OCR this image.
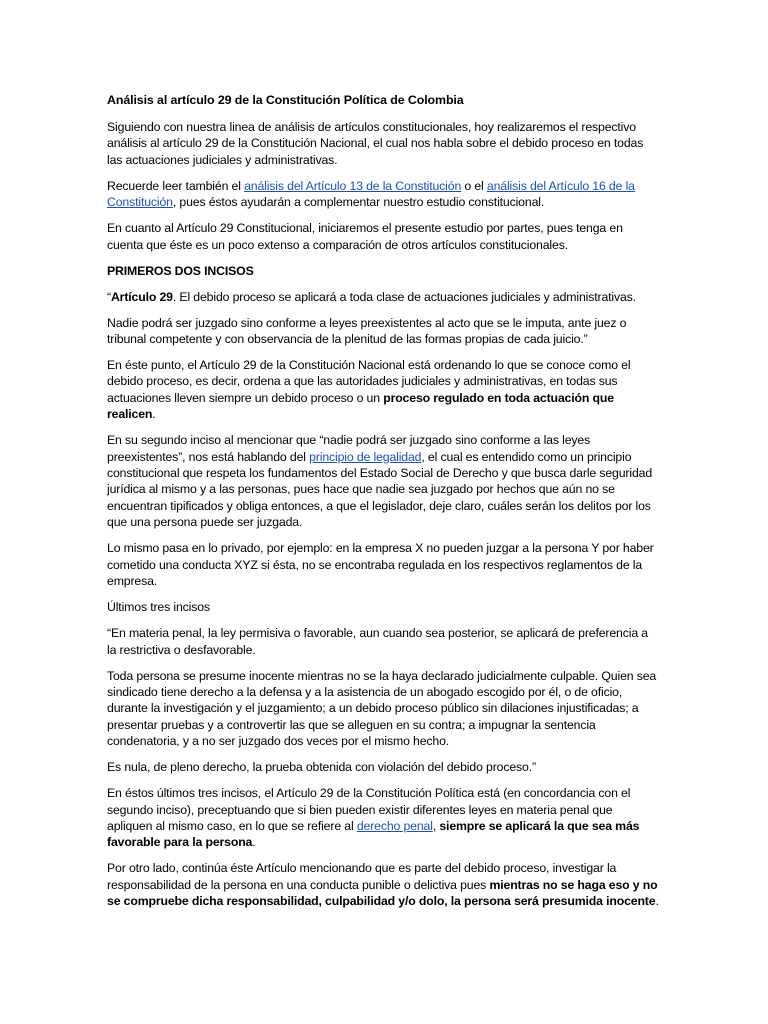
Análisis al artículo 29 de la Constitución Política de Colombia

Siguiendo con nuestra linea de análisis de artículos constitucionales, hoy realizaremos el respectivo análisis al artículo 29 de la Constitución Nacional, el cual nos habla sobre el debido proceso en todas las actuaciones judiciales y administrativas.

Recuerde leer también el análisis del Artículo 13 de la Constitución o el análisis del Artículo 16 de la Constitución, pues éstos ayudarán a complementar nuestro estudio constitucional.

En cuanto al Artículo 29 Constitucional, iniciaremos el presente estudio por partes, pues tenga en cuenta que éste es un poco extenso a comparación de otros artículos constitucionales.

PRIMEROS DOS INCISOS

“Artículo 29. El debido proceso se aplicará a toda clase de actuaciones judiciales y administrativas.

Nadie podrá ser juzgado sino conforme a leyes preexistentes al acto que se le imputa, ante juez o tribunal competente y con observancia de la plenitud de las formas propias de cada juicio.”

En éste punto, el Artículo 29 de la Constitución Nacional está ordenando lo que se conoce como el debido proceso, es decir, ordena a que las autoridades judiciales y administrativas, en todas sus actuaciones lleven siempre un debido proceso o un proceso regulado en toda actuación que realicen.

En su segundo inciso al mencionar que “nadie podrá ser juzgado sino conforme a las leyes preexistentes”, nos está hablando del principio de legalidad, el cual es entendido como un principio constitucional que respeta los fundamentos del Estado Social de Derecho y que busca darle seguridad jurídica al mismo y a las personas, pues hace que nadie sea juzgado por hechos que aún no se encuentran tipificados y obliga entonces, a que el legislador, deje claro, cuáles serán los delitos por los que una persona puede ser juzgada.

Lo mismo pasa en lo privado, por ejemplo: en la empresa X no pueden juzgar a la persona Y por haber cometido una conducta XYZ si ésta, no se encontraba regulada en los respectivos reglamentos de la empresa.

Últimos tres incisos

“En materia penal, la ley permisiva o favorable, aun cuando sea posterior, se aplicará de preferencia a la restrictiva o desfavorable.

Toda persona se presume inocente mientras no se la haya declarado judicialmente culpable. Quien sea sindicado tiene derecho a la defensa y a la asistencia de un abogado escogido por él, o de oficio, durante la investigación y el juzgamiento; a un debido proceso público sin dilaciones injustificadas; a presentar pruebas y a controvertir las que se alleguen en su contra; a impugnar la sentencia condenatoria, y a no ser juzgado dos veces por el mismo hecho.

Es nula, de pleno derecho, la prueba obtenida con violación del debido proceso.”

En éstos últimos tres incisos, el Artículo 29 de la Constitución Política está (en concordancia con el segundo inciso), preceptuando que si bien pueden existir diferentes leyes en materia penal que apliquen al mismo caso, en lo que se refiere al derecho penal, siempre se aplicará la que sea más favorable para la persona.

Por otro lado, continúa éste Artículo mencionando que es parte del debido proceso, investigar la responsabilidad de la persona en una conducta punible o delictiva pues mientras no se haga eso y no se compruebe dicha responsabilidad, culpabilidad y/o dolo, la persona será presumida inocente.
